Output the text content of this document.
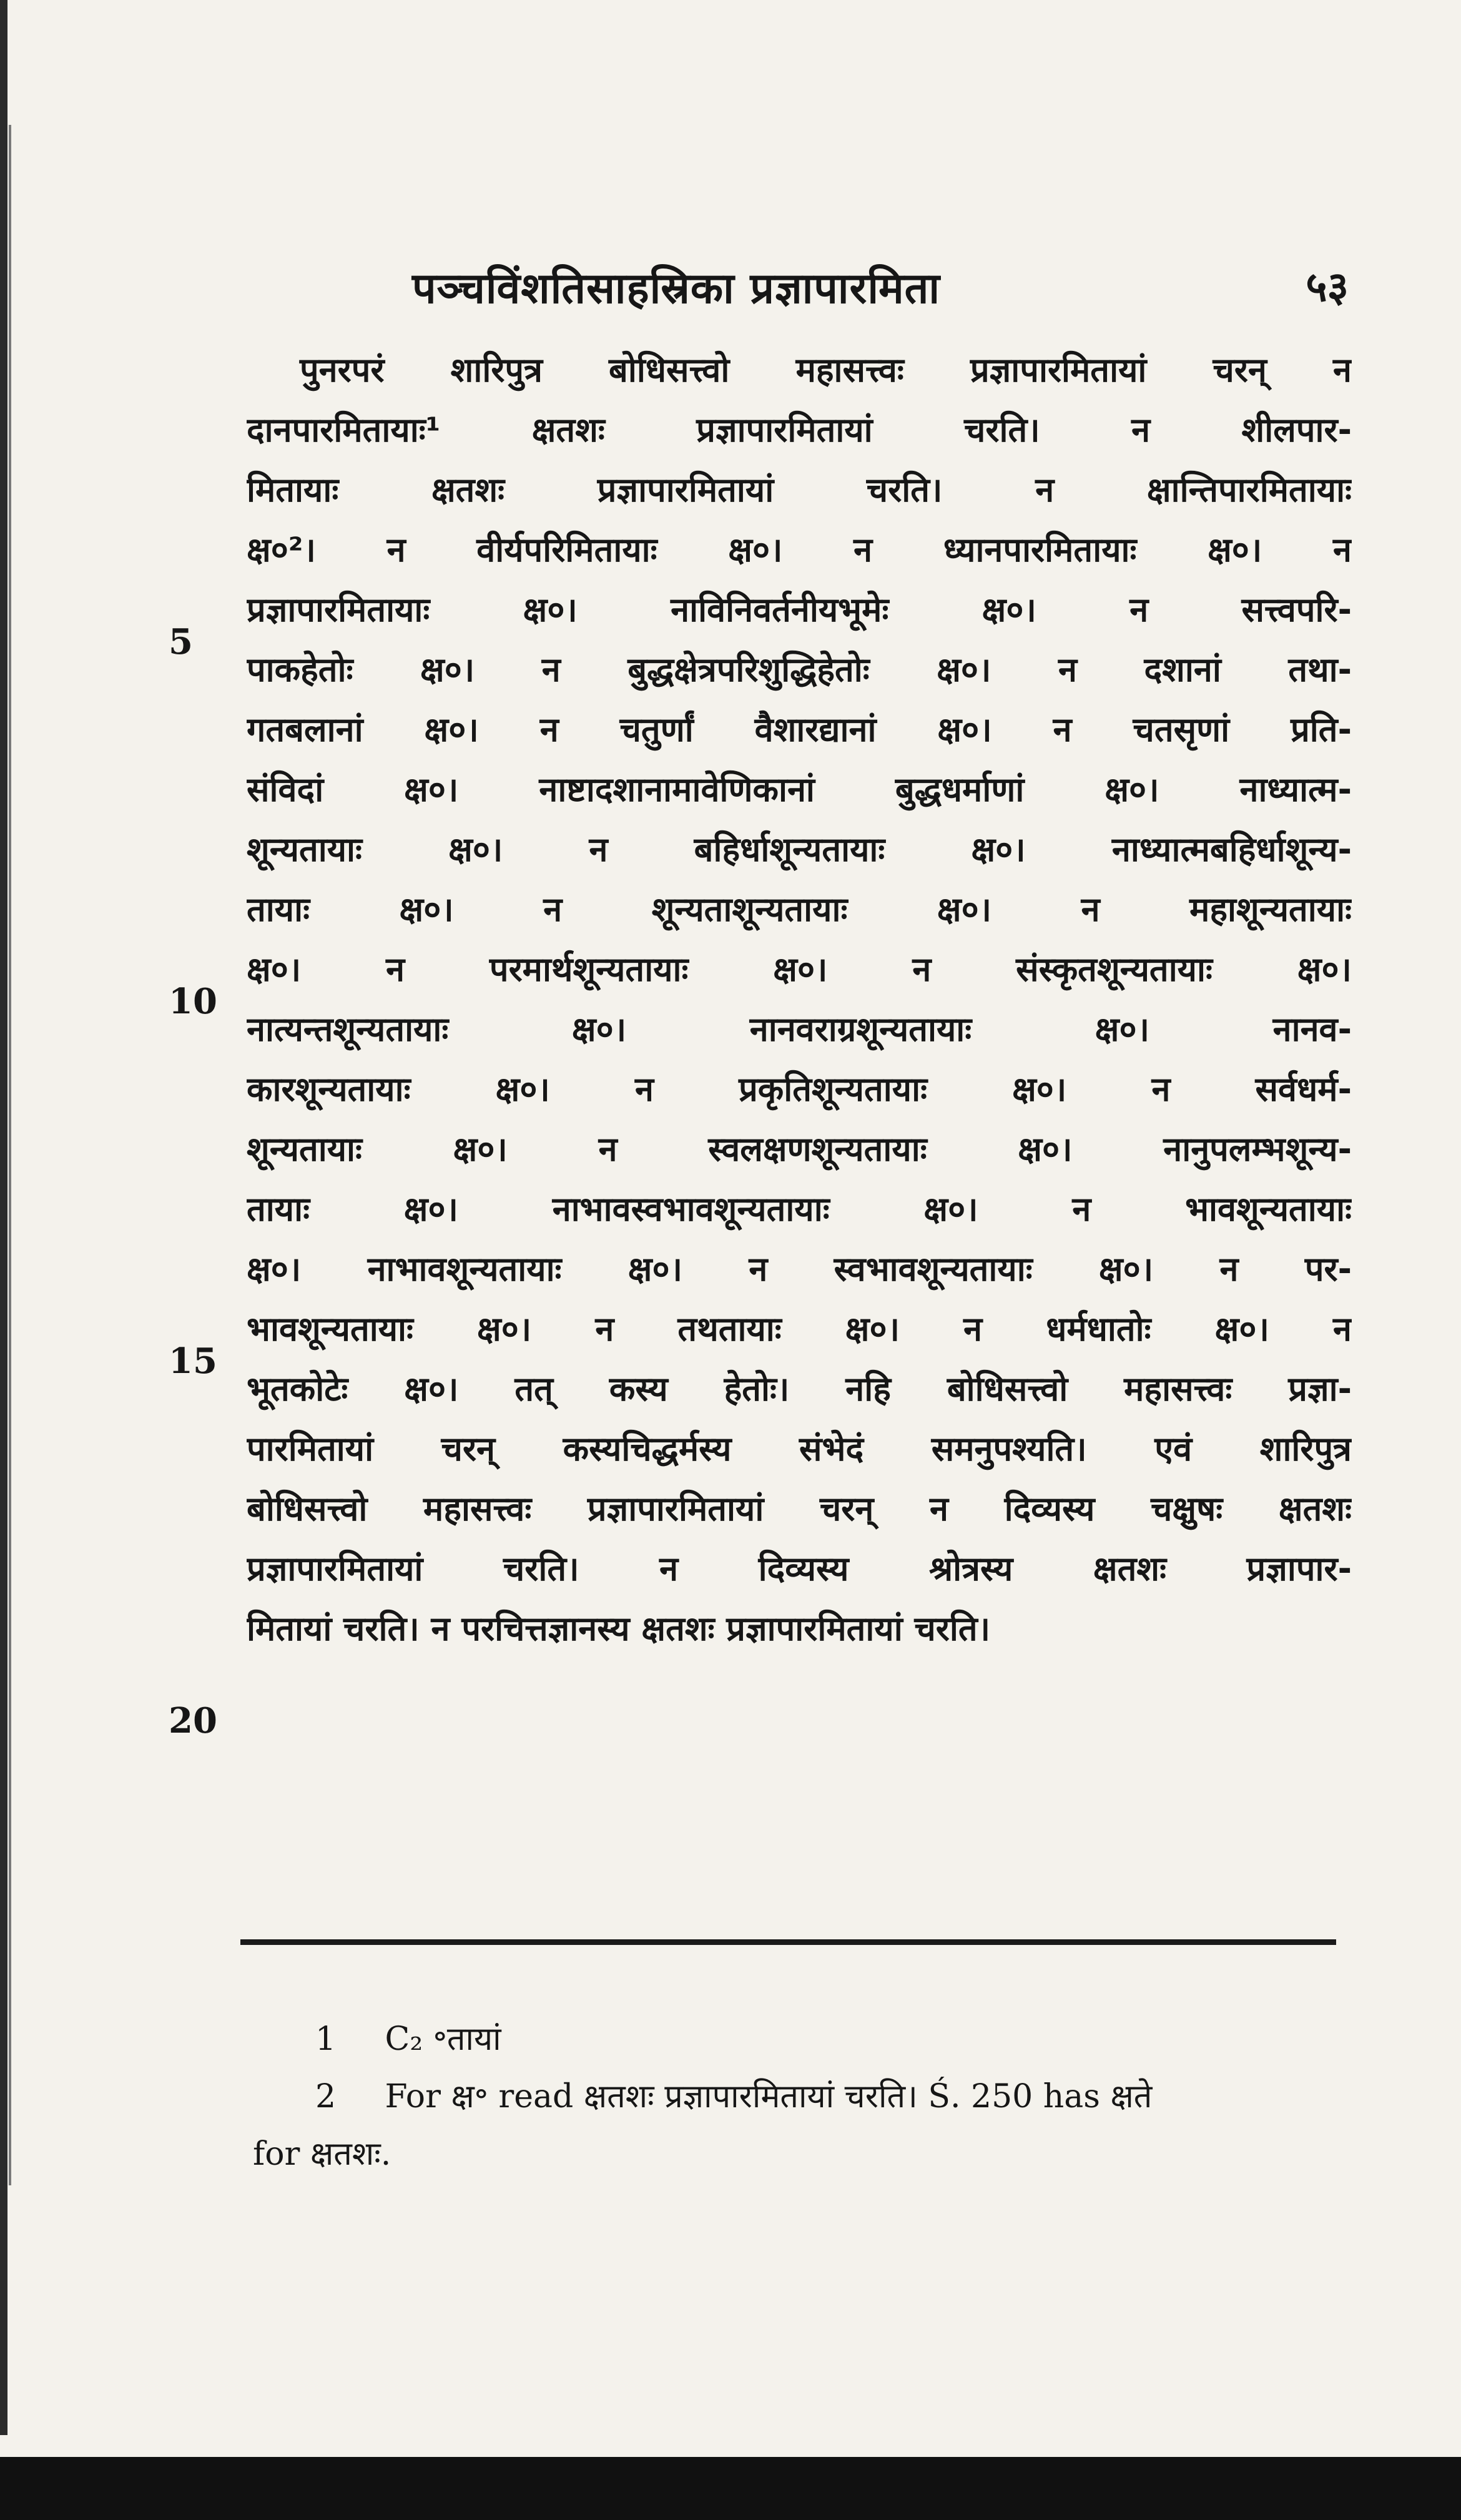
पञ्चविंशतिसाहस्रिका प्रज्ञापारमिता	५३
5
10
15
20
पुनरपरं शारिपुत्र बोधिसत्त्वो महासत्त्वः प्रज्ञापारमितायां चरन् न
दानपारमितायाः¹ क्षतशः प्रज्ञापारमितायां चरति। न शीलपार-
मितायाः क्षतशः प्रज्ञापारमितायां चरति। न क्षान्तिपारमितायाः
क्ष०²। न वीर्यपरिमितायाः क्ष०। न ध्यानपारमितायाः क्ष०। न
प्रज्ञापारमितायाः क्ष०। नाविनिवर्तनीयभूमेः क्ष०। न सत्त्वपरि-
पाकहेतोः क्ष०। न बुद्धक्षेत्रपरिशुद्धिहेतोः क्ष०। न दशानां तथा-
गतबलानां क्ष०। न चतुर्णां वैशारद्यानां क्ष०। न चतसृणां प्रति-
संविदां क्ष०। नाष्टादशानामावेणिकानां बुद्धधर्माणां क्ष०। नाध्यात्म-
शून्यतायाः क्ष०। न बहिर्धाशून्यतायाः क्ष०। नाध्यात्मबहिर्धाशून्य-
तायाः क्ष०। न शून्यताशून्यतायाः क्ष०। न महाशून्यतायाः
क्ष०। न परमार्थशून्यतायाः क्ष०। न संस्कृतशून्यतायाः क्ष०।
नात्यन्तशून्यतायाः क्ष०। नानवराग्रशून्यतायाः क्ष०। नानव-
कारशून्यतायाः क्ष०। न प्रकृतिशून्यतायाः क्ष०। न सर्वधर्म-
शून्यतायाः क्ष०। न स्वलक्षणशून्यतायाः क्ष०। नानुपलम्भशून्य-
तायाः क्ष०। नाभावस्वभावशून्यतायाः क्ष०। न भावशून्यतायाः
क्ष०। नाभावशून्यतायाः क्ष०। न स्वभावशून्यतायाः क्ष०। न पर-
भावशून्यतायाः क्ष०। न तथतायाः क्ष०। न धर्मधातोः क्ष०। न
भूतकोटेः क्ष०। तत् कस्य हेतोः। नहि बोधिसत्त्वो महासत्त्वः प्रज्ञा-
पारमितायां चरन् कस्यचिद्धर्मस्य संभेदं समनुपश्यति। एवं शारिपुत्र
बोधिसत्त्वो महासत्त्वः प्रज्ञापारमितायां चरन् न दिव्यस्य चक्षुषः क्षतशः
प्रज्ञापारमितायां चरति। न दिव्यस्य श्रोत्रस्य क्षतशः प्रज्ञापार-
मितायां चरति। न परचित्तज्ञानस्य क्षतशः प्रज्ञापारमितायां चरति।
1 C₂ ॰तायां
2 For क्ष॰ read क्षतशः प्रज्ञापारमितायां चरति। Ś. 250 has क्षते
for क्षतशः.
